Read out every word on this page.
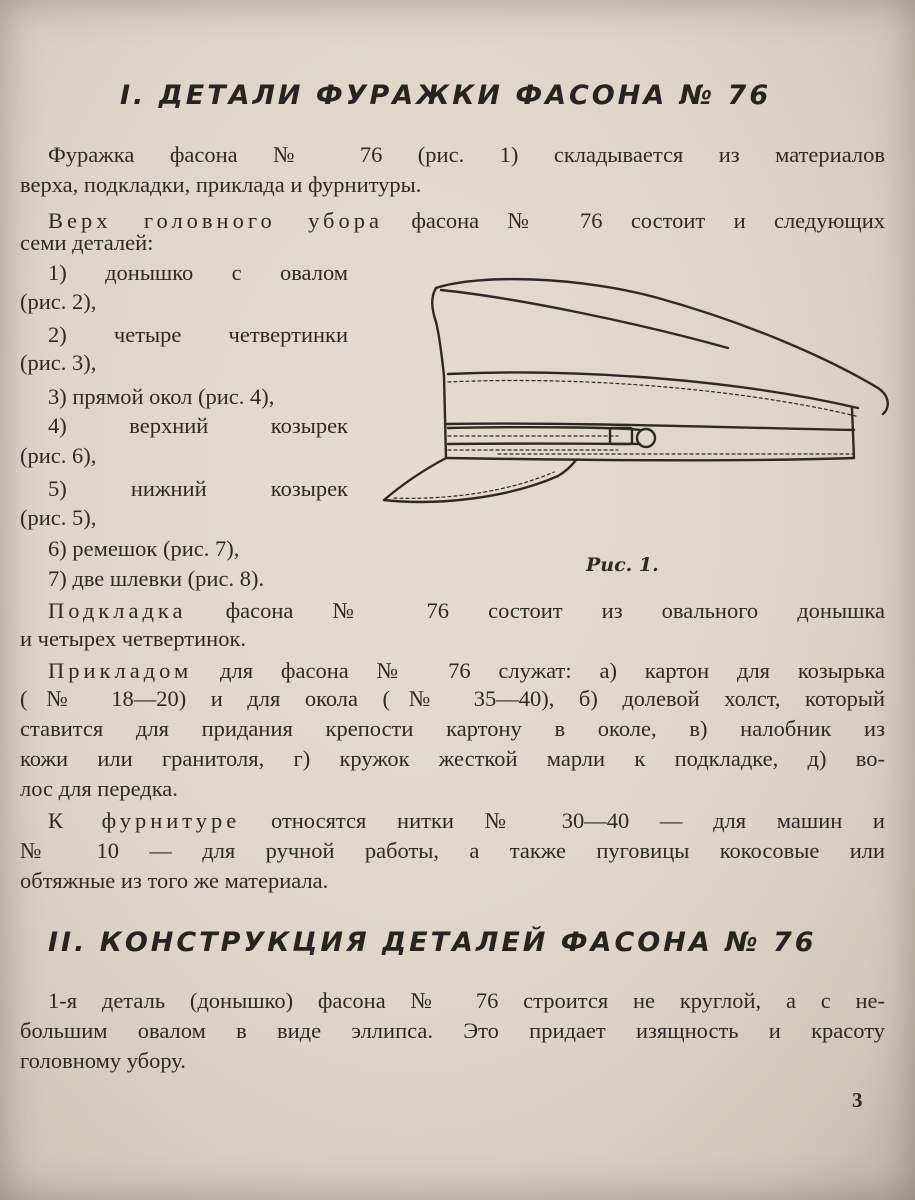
I. ДЕТАЛИ ФУРАЖКИ ФАСОНА № 76
Фуражка фасона № 76 (рис. 1) складывается из материалов
верха, подкладки, приклада и фурнитуры.
Верх головного убора фасона № 76 состоит и следующих
семи деталей:
1) донышко с овалом
(рис. 2),
2) четыре четвертинки
(рис. 3),
3) прямой окол (рис. 4),
4) верхний козырек
(рис. 6),
5) нижний козырек
(рис. 5),
6) ремешок (рис. 7),
7) две шлевки (рис. 8).
Рис. 1.
Подкладка фасона № 76 состоит из овального донышка
и четырех четвертинок.
Прикладом для фасона № 76 служат: а) картон для козырька
(№ 18—20) и для окола (№ 35—40), б) долевой холст, который
ставится для придания крепости картону в околе, в) налобник из
кожи или гранитоля, г) кружок жесткой марли к подкладке, д) во-
лос для передка.
К фурнитуре относятся нитки № 30—40 — для машин и
№ 10 — для ручной работы, а также пуговицы кокосовые или
обтяжные из того же материала.
II. КОНСТРУКЦИЯ ДЕТАЛЕЙ ФАСОНА № 76
1-я деталь (донышко) фасона № 76 строится не круглой, а с не-
большим овалом в виде эллипса. Это придает изящность и красоту
головному убору.
3
